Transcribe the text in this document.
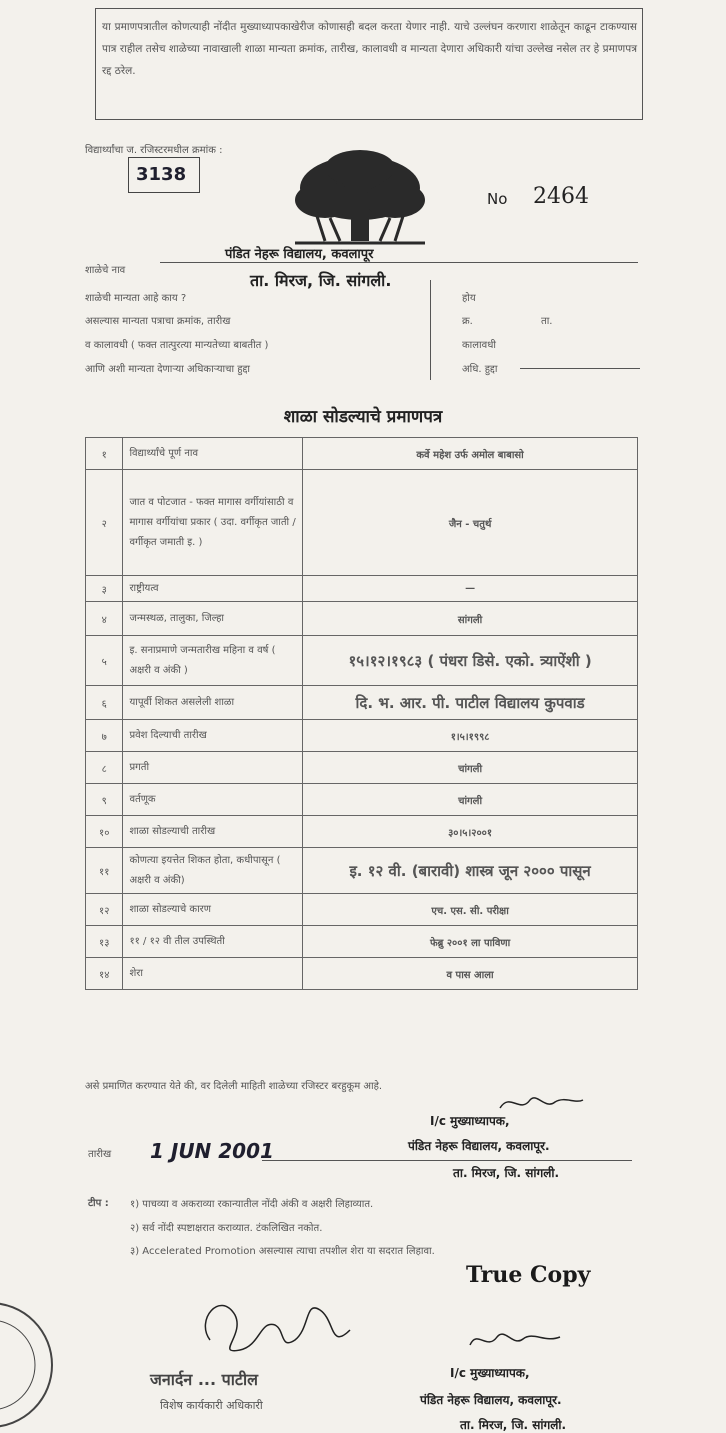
या प्रमाणपत्रातील कोणत्याही नोंदीत मुख्याध्यापकाखेरीज कोणासही बदल करता येणार नाही. याचे उल्लंघन करणारा शाळेतून काढून टाकण्यास पात्र राहील तसेच शाळेच्या नावाखाली शाळा मान्यता क्रमांक, तारीख, कालावधी व मान्यता देणारा अधिकारी यांचा उल्लेख नसेल तर हे प्रमाणपत्र रद्द ठरेल.
विद्यार्थ्यांचा ज. रजिस्टरमधील क्रमांक :
3138
No 2464
शाळेचे नाव
पंडित नेहरू विद्यालय, कवलापूर
ता. मिरज, जि. सांगली.
शाळेची मान्यता आहे काय ?
असल्यास मान्यता पत्राचा क्रमांक, तारीख
व कालावधी ( फक्त तात्पुरत्या मान्यतेच्या बाबतीत )
आणि अशी मान्यता देणाऱ्या अधिकाऱ्याचा हुद्दा
होय
क्र.	ता.
कालावधी
अधि. हुद्दा
शाळा सोडल्याचे प्रमाणपत्र
१	विद्यार्थ्यांचे पूर्ण नाव	कर्वे महेश उर्फ अमोल बाबासो
२	जात व पोटजात - फक्त मागास वर्गीयांसाठी व मागास वर्गीयांचा प्रकार ( उदा. वर्गीकृत जाती / वर्गीकृत जमाती इ. )	जैन - चतुर्थ
३	राष्ट्रीयत्व	—
४	जन्मस्थळ, तालुका, जिल्हा	सांगली
५	इ. सनाप्रमाणे जन्मतारीख महिना व वर्ष ( अक्षरी व अंकी )	१५।१२।१९८३ ( पंधरा डिसे. एको. त्र्याऐंशी )
६	यापूर्वी शिकत असलेली शाळा	दि. भ. आर. पी. पाटील विद्यालय कुपवाड
७	प्रवेश दिल्याची तारीख	१।५।१९९८
८	प्रगती	चांगली
९	वर्तणूक	चांगली
१०	शाळा सोडल्याची तारीख	३०।५।२००१
११	कोणत्या इयत्तेत शिकत होता, कधीपासून ( अक्षरी व अंकी)	इ. १२ वी. (बारावी) शास्त्र जून २००० पासून
१२	शाळा सोडल्याचे कारण	एच. एस. सी. परीक्षा
१३	११ / १२ वी तील उपस्थिती	फेब्रु २००१ ला पाविणा
१४	शेरा	व पास आला
असे प्रमाणित करण्यात येते की, वर दिलेली माहिती शाळेच्या रजिस्टर बरहुकूम आहे.
तारीख 1 JUN 2001
I/c मुख्याध्यापक,
पंडित नेहरू विद्यालय, कवलापूर.
ता. मिरज, जि. सांगली.
टीप : १) पाचव्या व अकराव्या रकान्यातील नोंदी अंकी व अक्षरी लिहाव्यात.
२) सर्व नोंदी स्पष्टाक्षरात कराव्यात. टंकलिखित नकोत.
३) Accelerated Promotion असल्यास त्याचा तपशील शेरा या सदरात लिहावा.
True Copy
जनार्दन ... पाटील
विशेष कार्यकारी अधिकारी
I/c मुख्याध्यापक,
पंडित नेहरू विद्यालय, कवलापूर.
ता. मिरज, जि. सांगली.
